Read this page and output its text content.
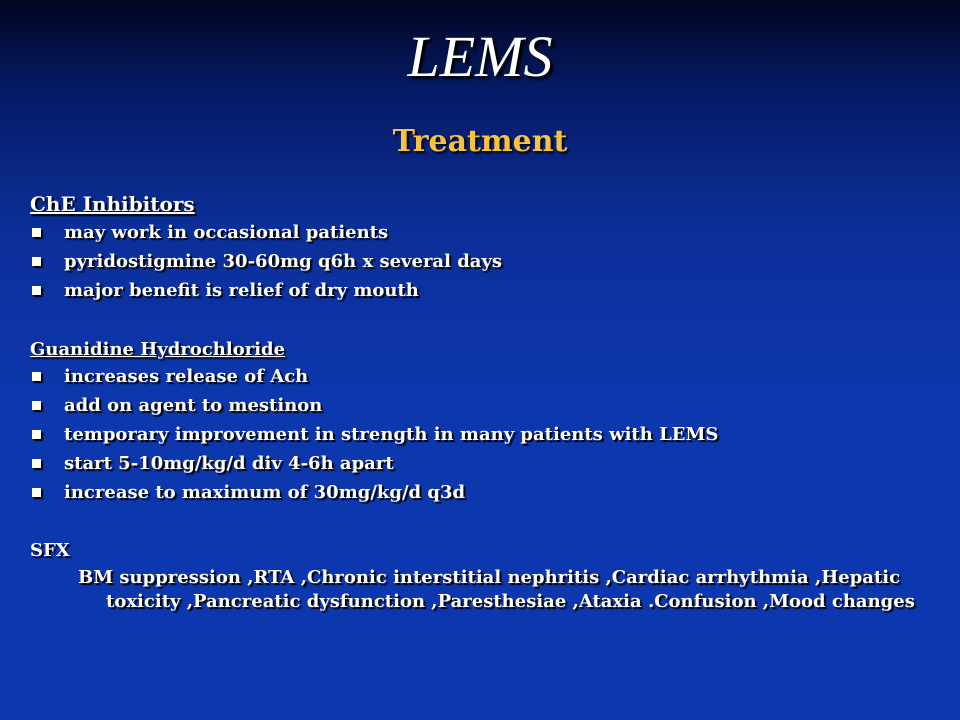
LEMS
Treatment
ChE Inhibitors
may work in occasional patients
pyridostigmine 30-60mg q6h x several days
major benefit is relief of dry mouth
Guanidine Hydrochloride
increases release of Ach
add on agent to mestinon
temporary improvement in strength in many patients with LEMS
start 5-10mg/kg/d div 4-6h apart
increase to maximum of 30mg/kg/d q3d
SFX
BM suppression ,RTA ,Chronic interstitial nephritis ,Cardiac arrhythmia ,Hepatic toxicity ,Pancreatic dysfunction ,Paresthesiae ,Ataxia .Confusion ,Mood changes
